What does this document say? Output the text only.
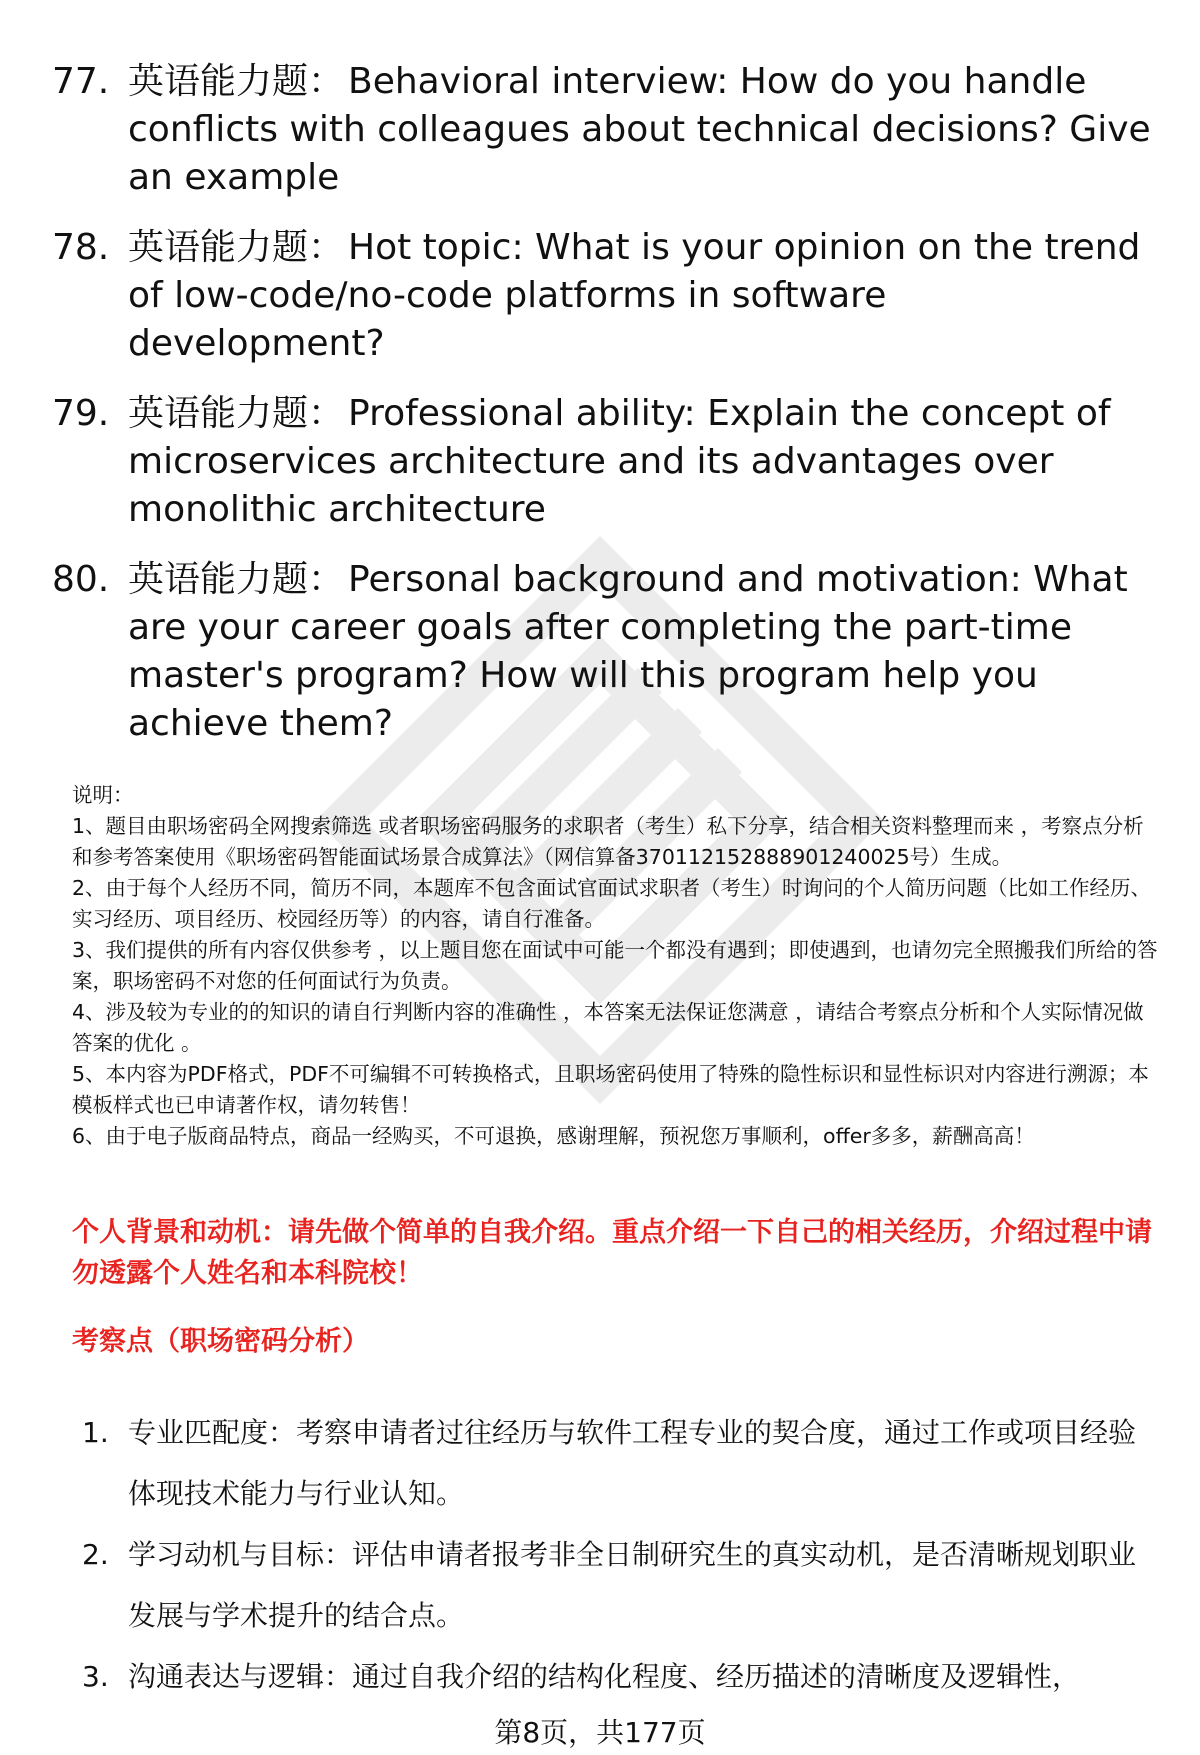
77. 英语能力题： Behavioral interview: How do you handle conflicts with colleagues about technical decisions? Give an example
78. 英语能力题： Hot topic: What is your opinion on the trend of low-code/no-code platforms in software development?
79. 英语能力题： Professional ability: Explain the concept of microservices architecture and its advantages over monolithic architecture
80. 英语能力题： Personal background and motivation: What are your career goals after completing the part-time master's program? How will this program help you achieve them?

说明：

1、题目由职场密码全网搜索筛选 或者职场密码服务的求职者（考生）私下分享，结合相关资料整理而来 ，考察点分析和参考答案使用《职场密码智能面试场景合成算法》（网信算备370112152888901240025号）生成。

2、由于每个人经历不同，简历不同，本题库不包含面试官面试求职者（考生）时询问的个人简历问题（比如工作经历、实习经历、项目经历、校园经历等）的内容，请自行准备。

3、我们提供的所有内容仅供参考 ，以上题目您在面试中可能一个都没有遇到；即使遇到，也请勿完全照搬我们所给的答案，职场密码不对您的任何面试行为负责。

4、涉及较为专业的的知识的请自行判断内容的准确性 ，本答案无法保证您满意 ，请结合考察点分析和个人实际情况做答案的优化 。

5、本内容为PDF格式，PDF不可编辑不可转换格式，且职场密码使用了特殊的隐性标识和显性标识对内容进行溯源；本模板样式也已申请著作权，请勿转售！

6、由于电子版商品特点，商品一经购买，不可退换，感谢理解，预祝您万事顺利，offer多多，薪酬高高！

个人背景和动机：请先做个简单的自我介绍。重点介绍一下自己的相关经历，介绍过程中请勿透露个人姓名和本科院校！
考察点（职场密码分析）
1. 专业匹配度：考察申请者过往经历与软件工程专业的契合度，通过工作或项目经验体现技术能力与行业认知。
2. 学习动机与目标：评估申请者报考非全日制研究生的真实动机，是否清晰规划职业发展与学术提升的结合点。
3. 沟通表达与逻辑：通过自我介绍的结构化程度、经历描述的清晰度及逻辑性，
第8页，共177页
